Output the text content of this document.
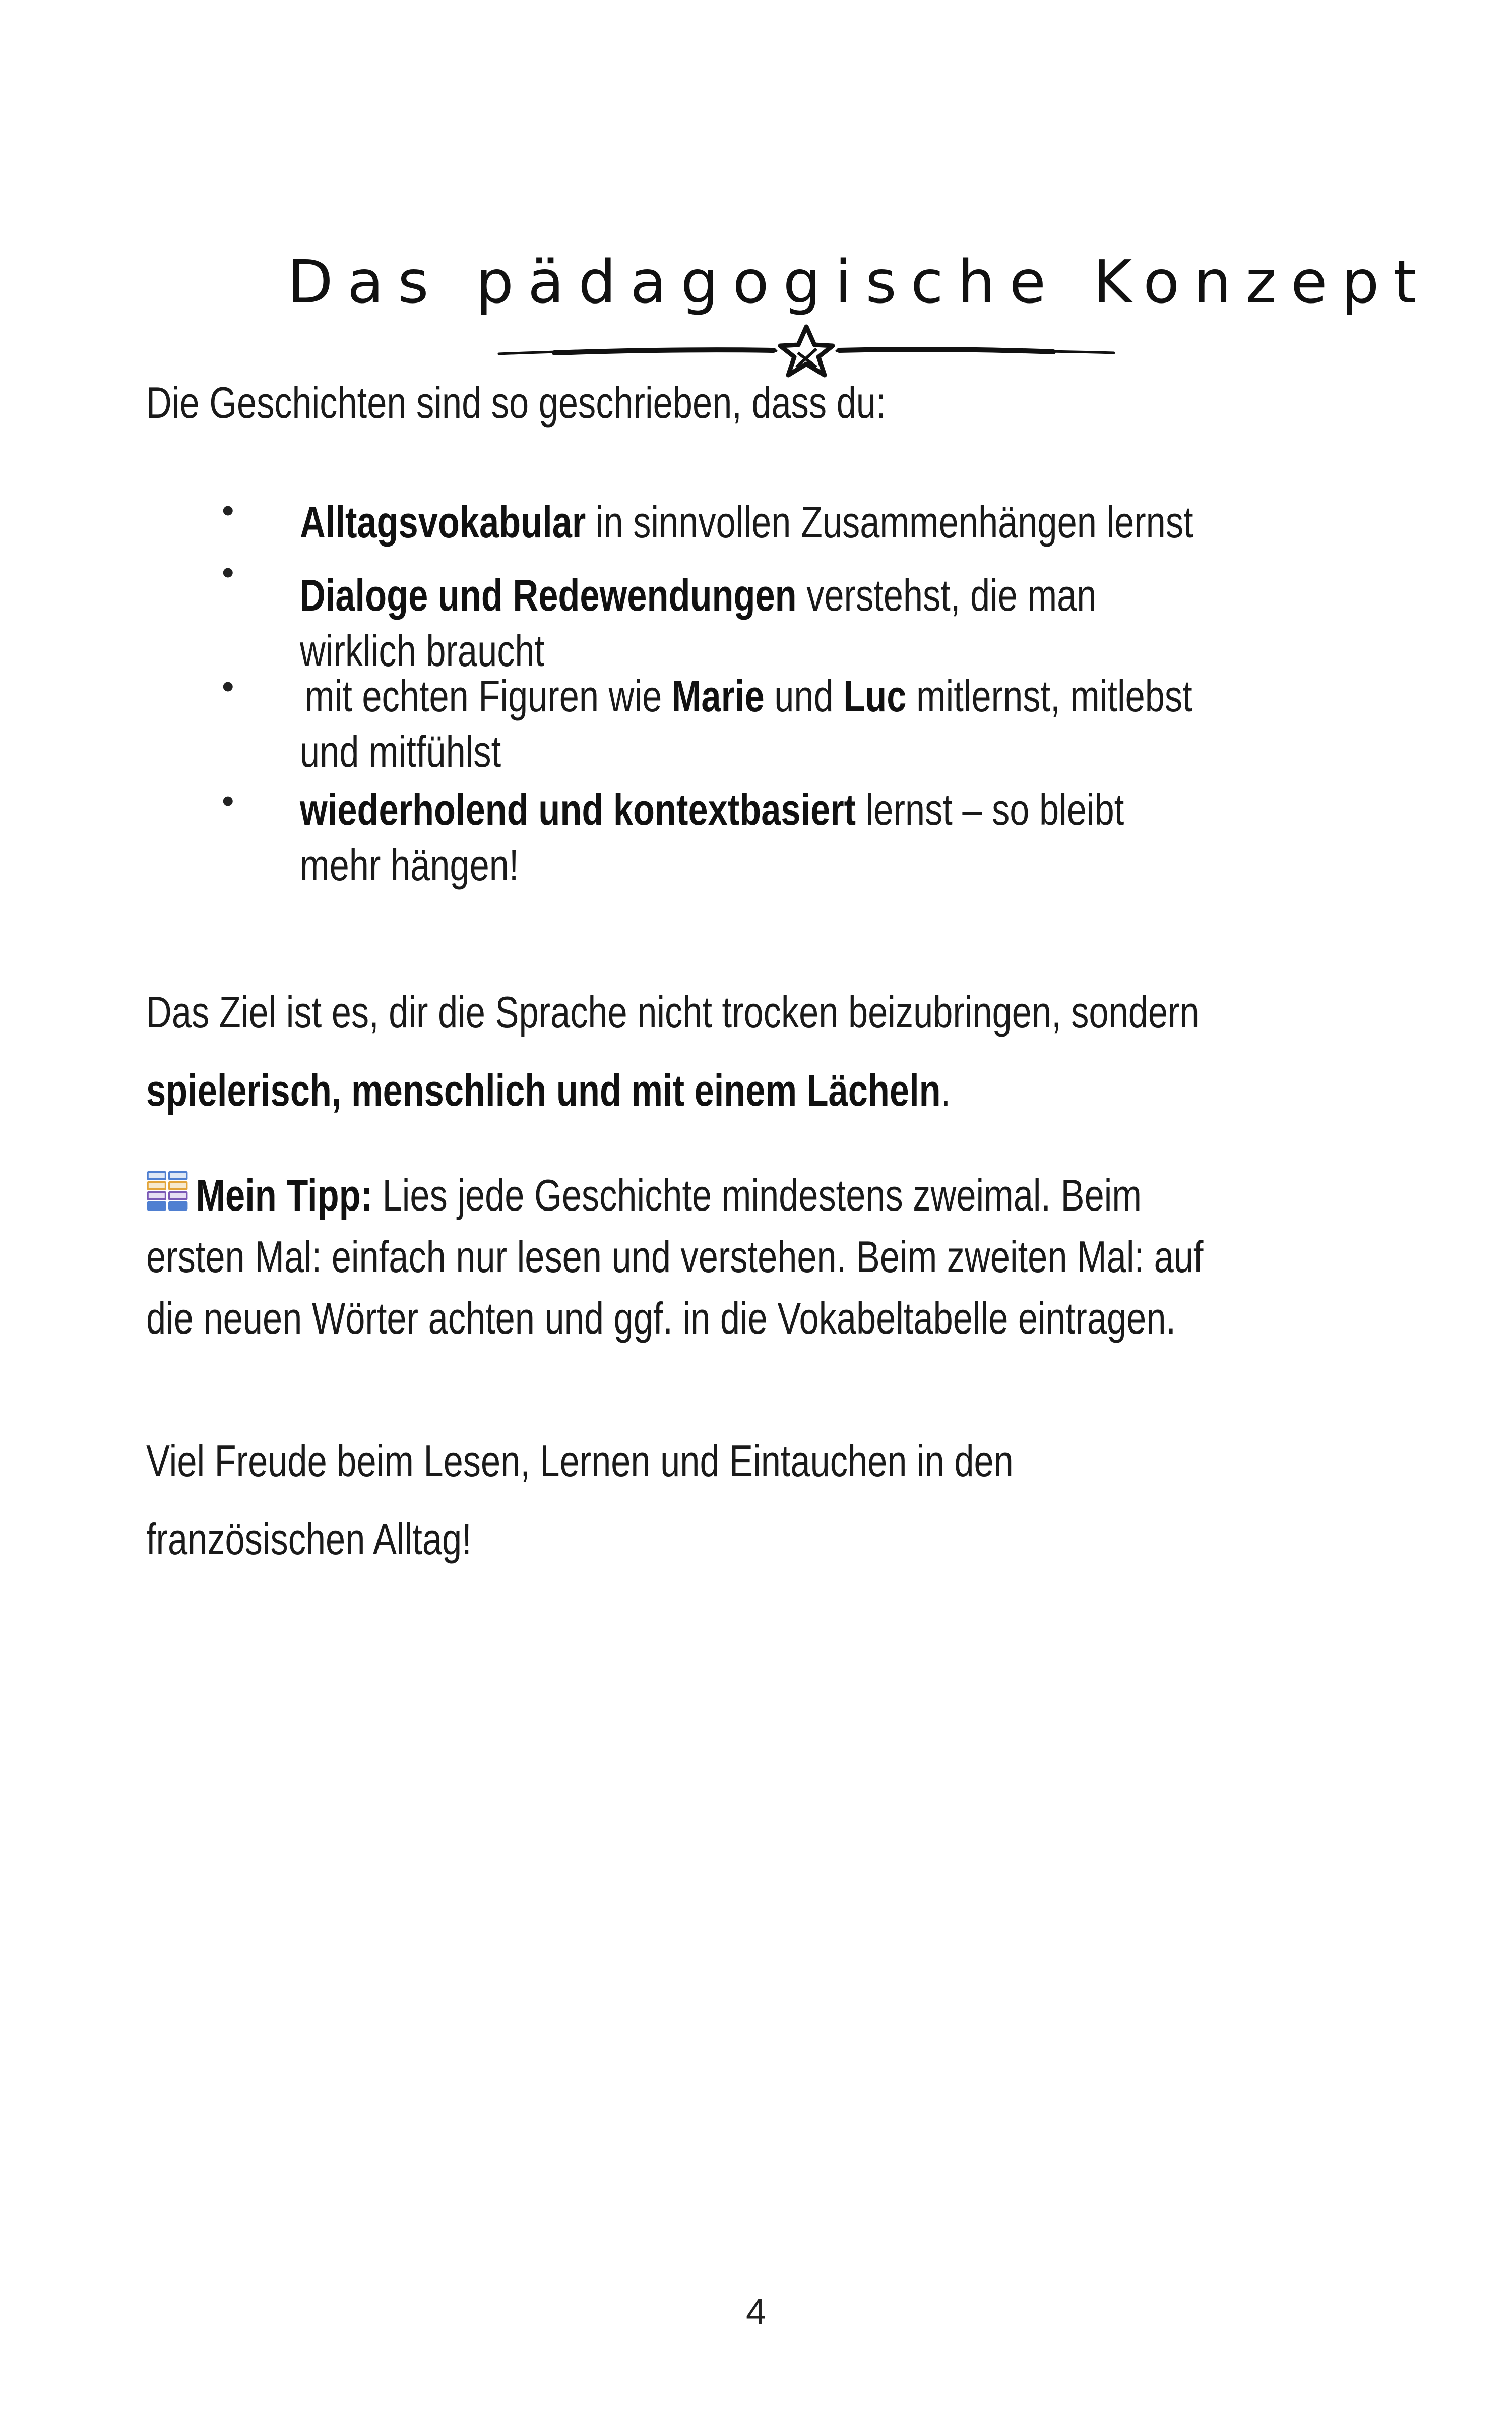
Das pädagogische Konzept
Die Geschichten sind so geschrieben, dass du:
• Alltagsvokabular in sinnvollen Zusammenhängen lernst
• Dialoge und Redewendungen verstehst, die man
wirklich braucht
• mit echten Figuren wie Marie und Luc mitlernst, mitlebst
und mitfühlst
• wiederholend und kontextbasiert lernst – so bleibt
mehr hängen!
Das Ziel ist es, dir die Sprache nicht trocken beizubringen, sondern
spielerisch, menschlich und mit einem Lächeln.
Mein Tipp: Lies jede Geschichte mindestens zweimal. Beim
ersten Mal: einfach nur lesen und verstehen. Beim zweiten Mal: auf
die neuen Wörter achten und ggf. in die Vokabeltabelle eintragen.
Viel Freude beim Lesen, Lernen und Eintauchen in den
französischen Alltag!
4
